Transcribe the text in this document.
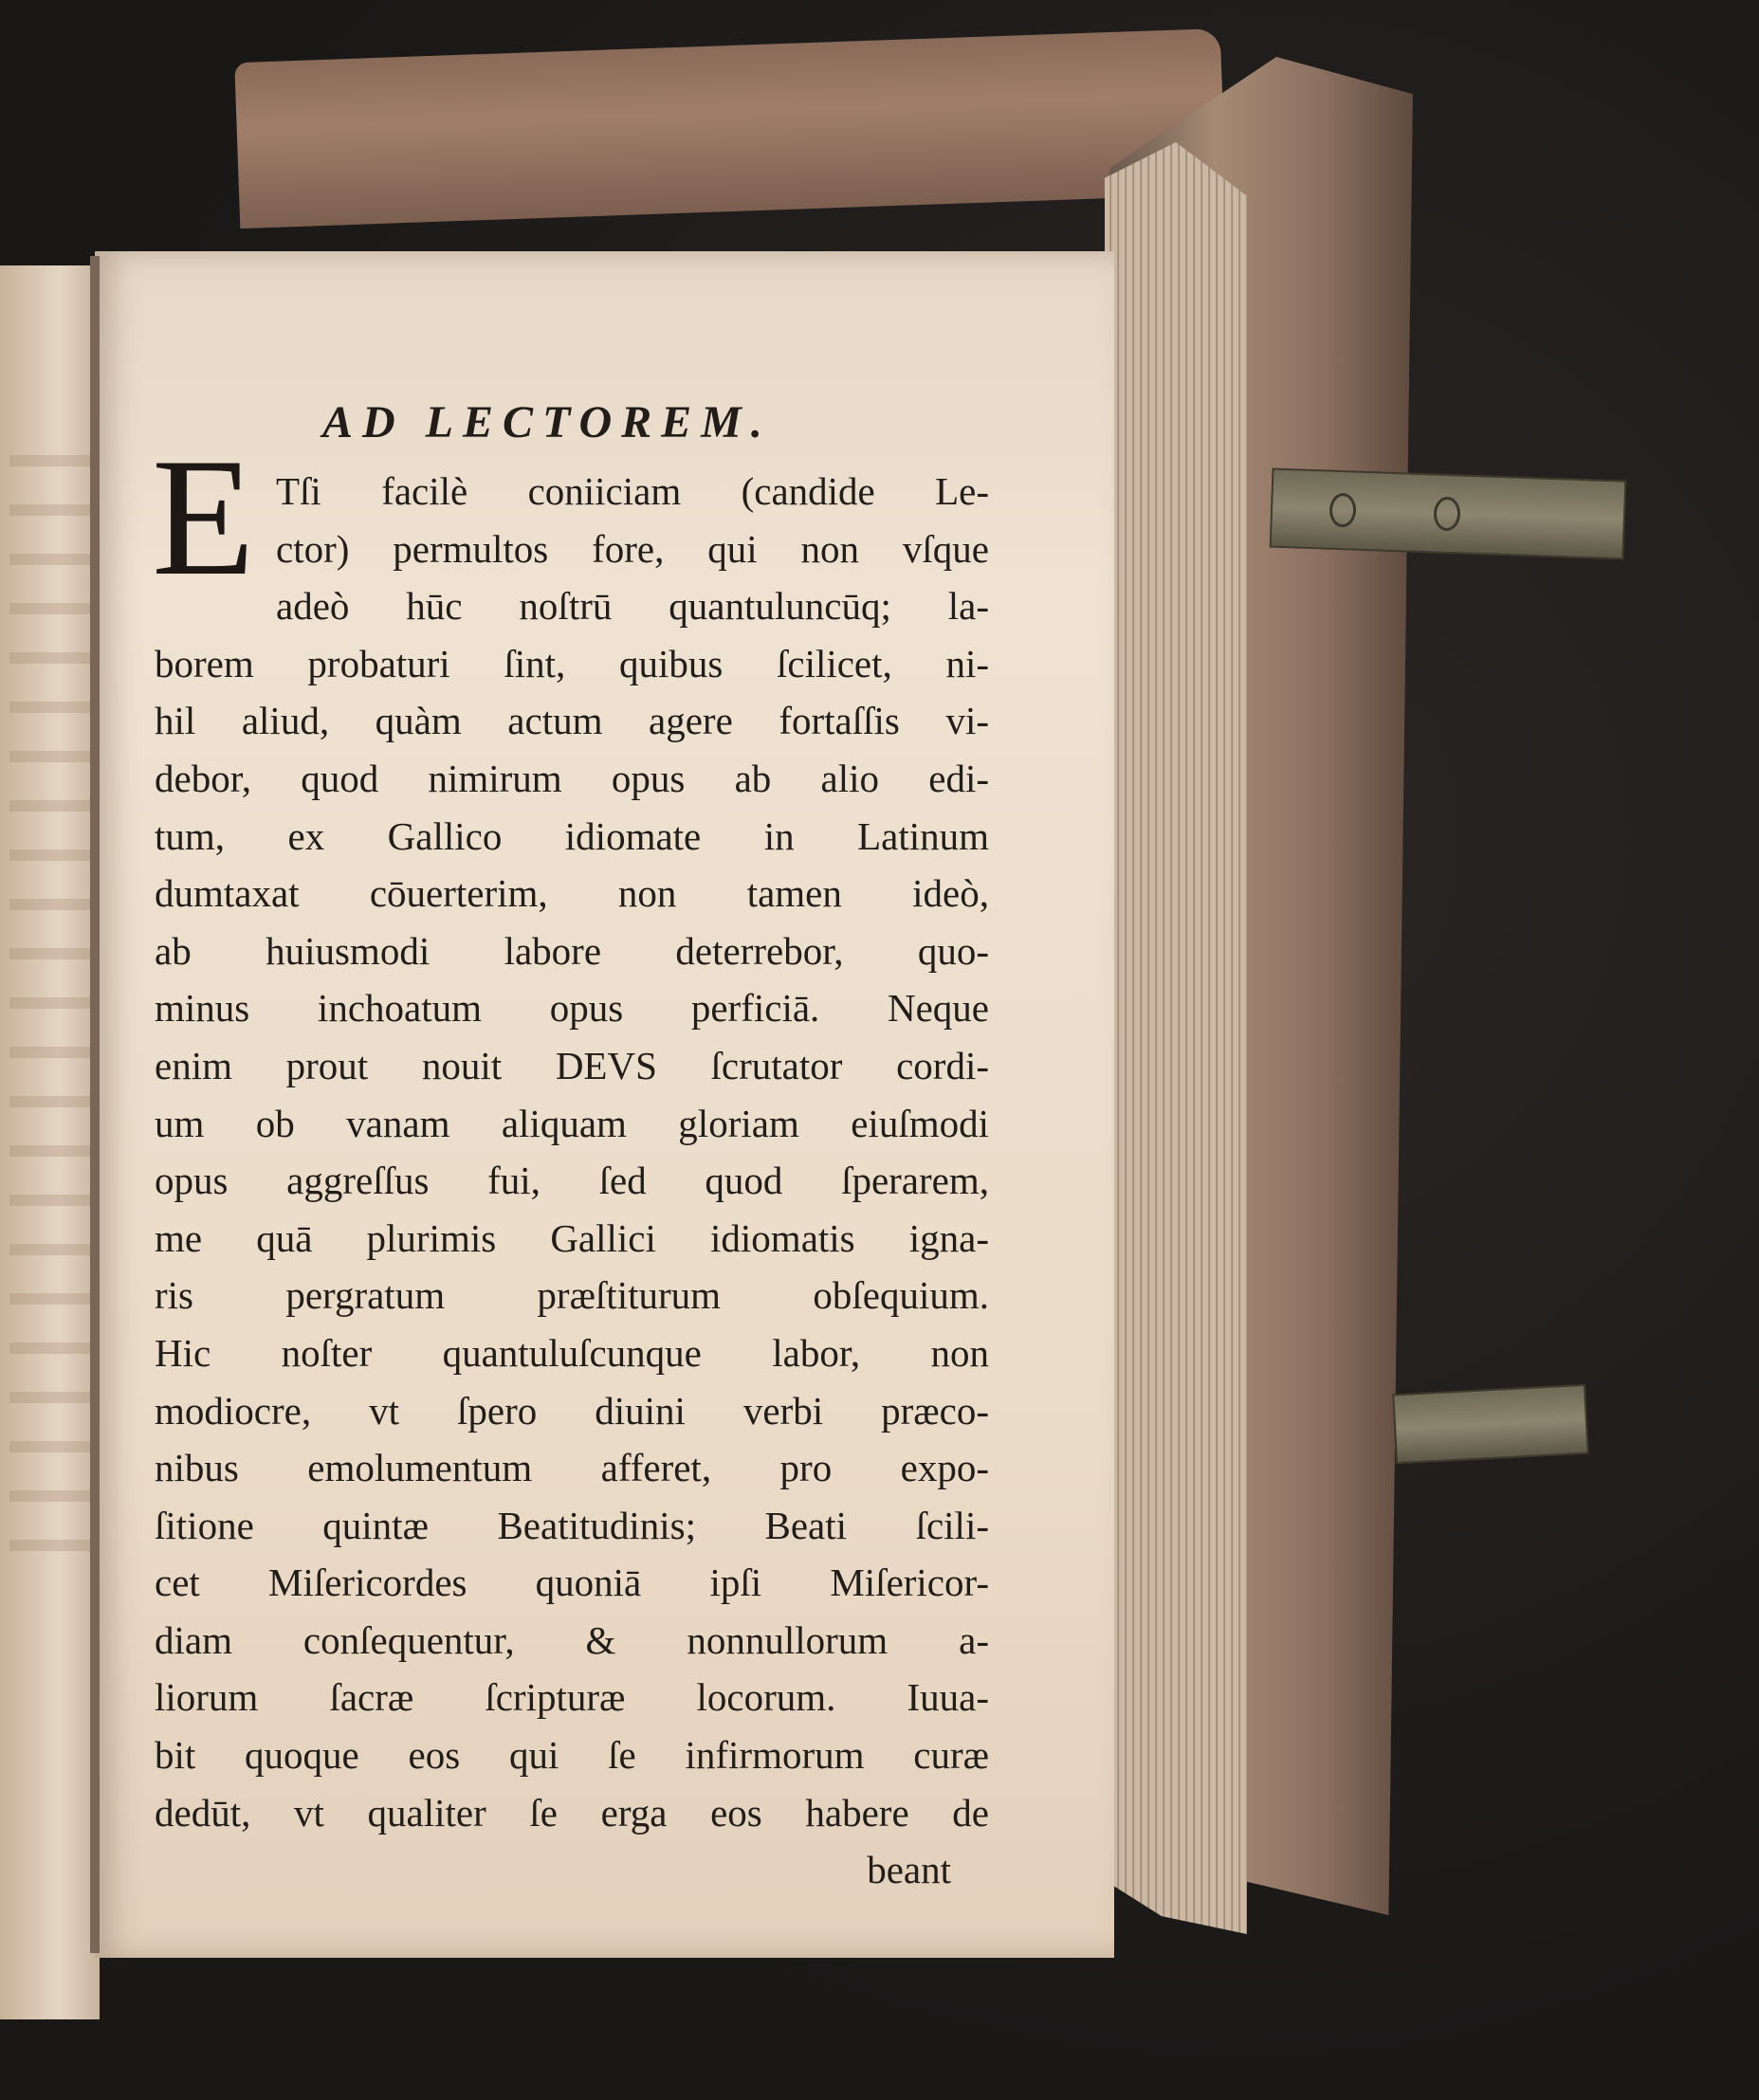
AD LECTOREM.
E Tſi facilè coniiciam (candide Le-
ctor) permultos fore, qui non vſque
adeò hūc noſtrū quantuluncūq; la-
borem probaturi ſint, quibus ſcilicet, ni-
hil aliud, quàm actum agere fortaſſis vi-
debor, quod nimirum opus ab alio edi-
tum, ex Gallico idiomate in Latinum
dumtaxat cōuerterim, non tamen ideò,
ab huiusmodi labore deterrebor, quo-
minus inchoatum opus perficiā. Neque
enim prout nouit DEVS ſcrutator cordi-
um ob vanam aliquam gloriam eiuſmodi
opus aggreſſus fui, ſed quod ſperarem,
me quā plurimis Gallici idiomatis igna-
ris pergratum præſtiturum obſequium.
Hic noſter quantuluſcunque labor, non
modiocre, vt ſpero diuini verbi præco-
nibus emolumentum afferet, pro expo-
ſitione quintæ Beatitudinis; Beati ſcili-
cet Miſericordes quoniā ipſi Miſericor-
diam conſequentur, & nonnullorum a-
liorum ſacræ ſcripturæ locorum. Iuua-
bit quoque eos qui ſe infirmorum curæ
dedūt, vt qualiter ſe erga eos habere de
beant
